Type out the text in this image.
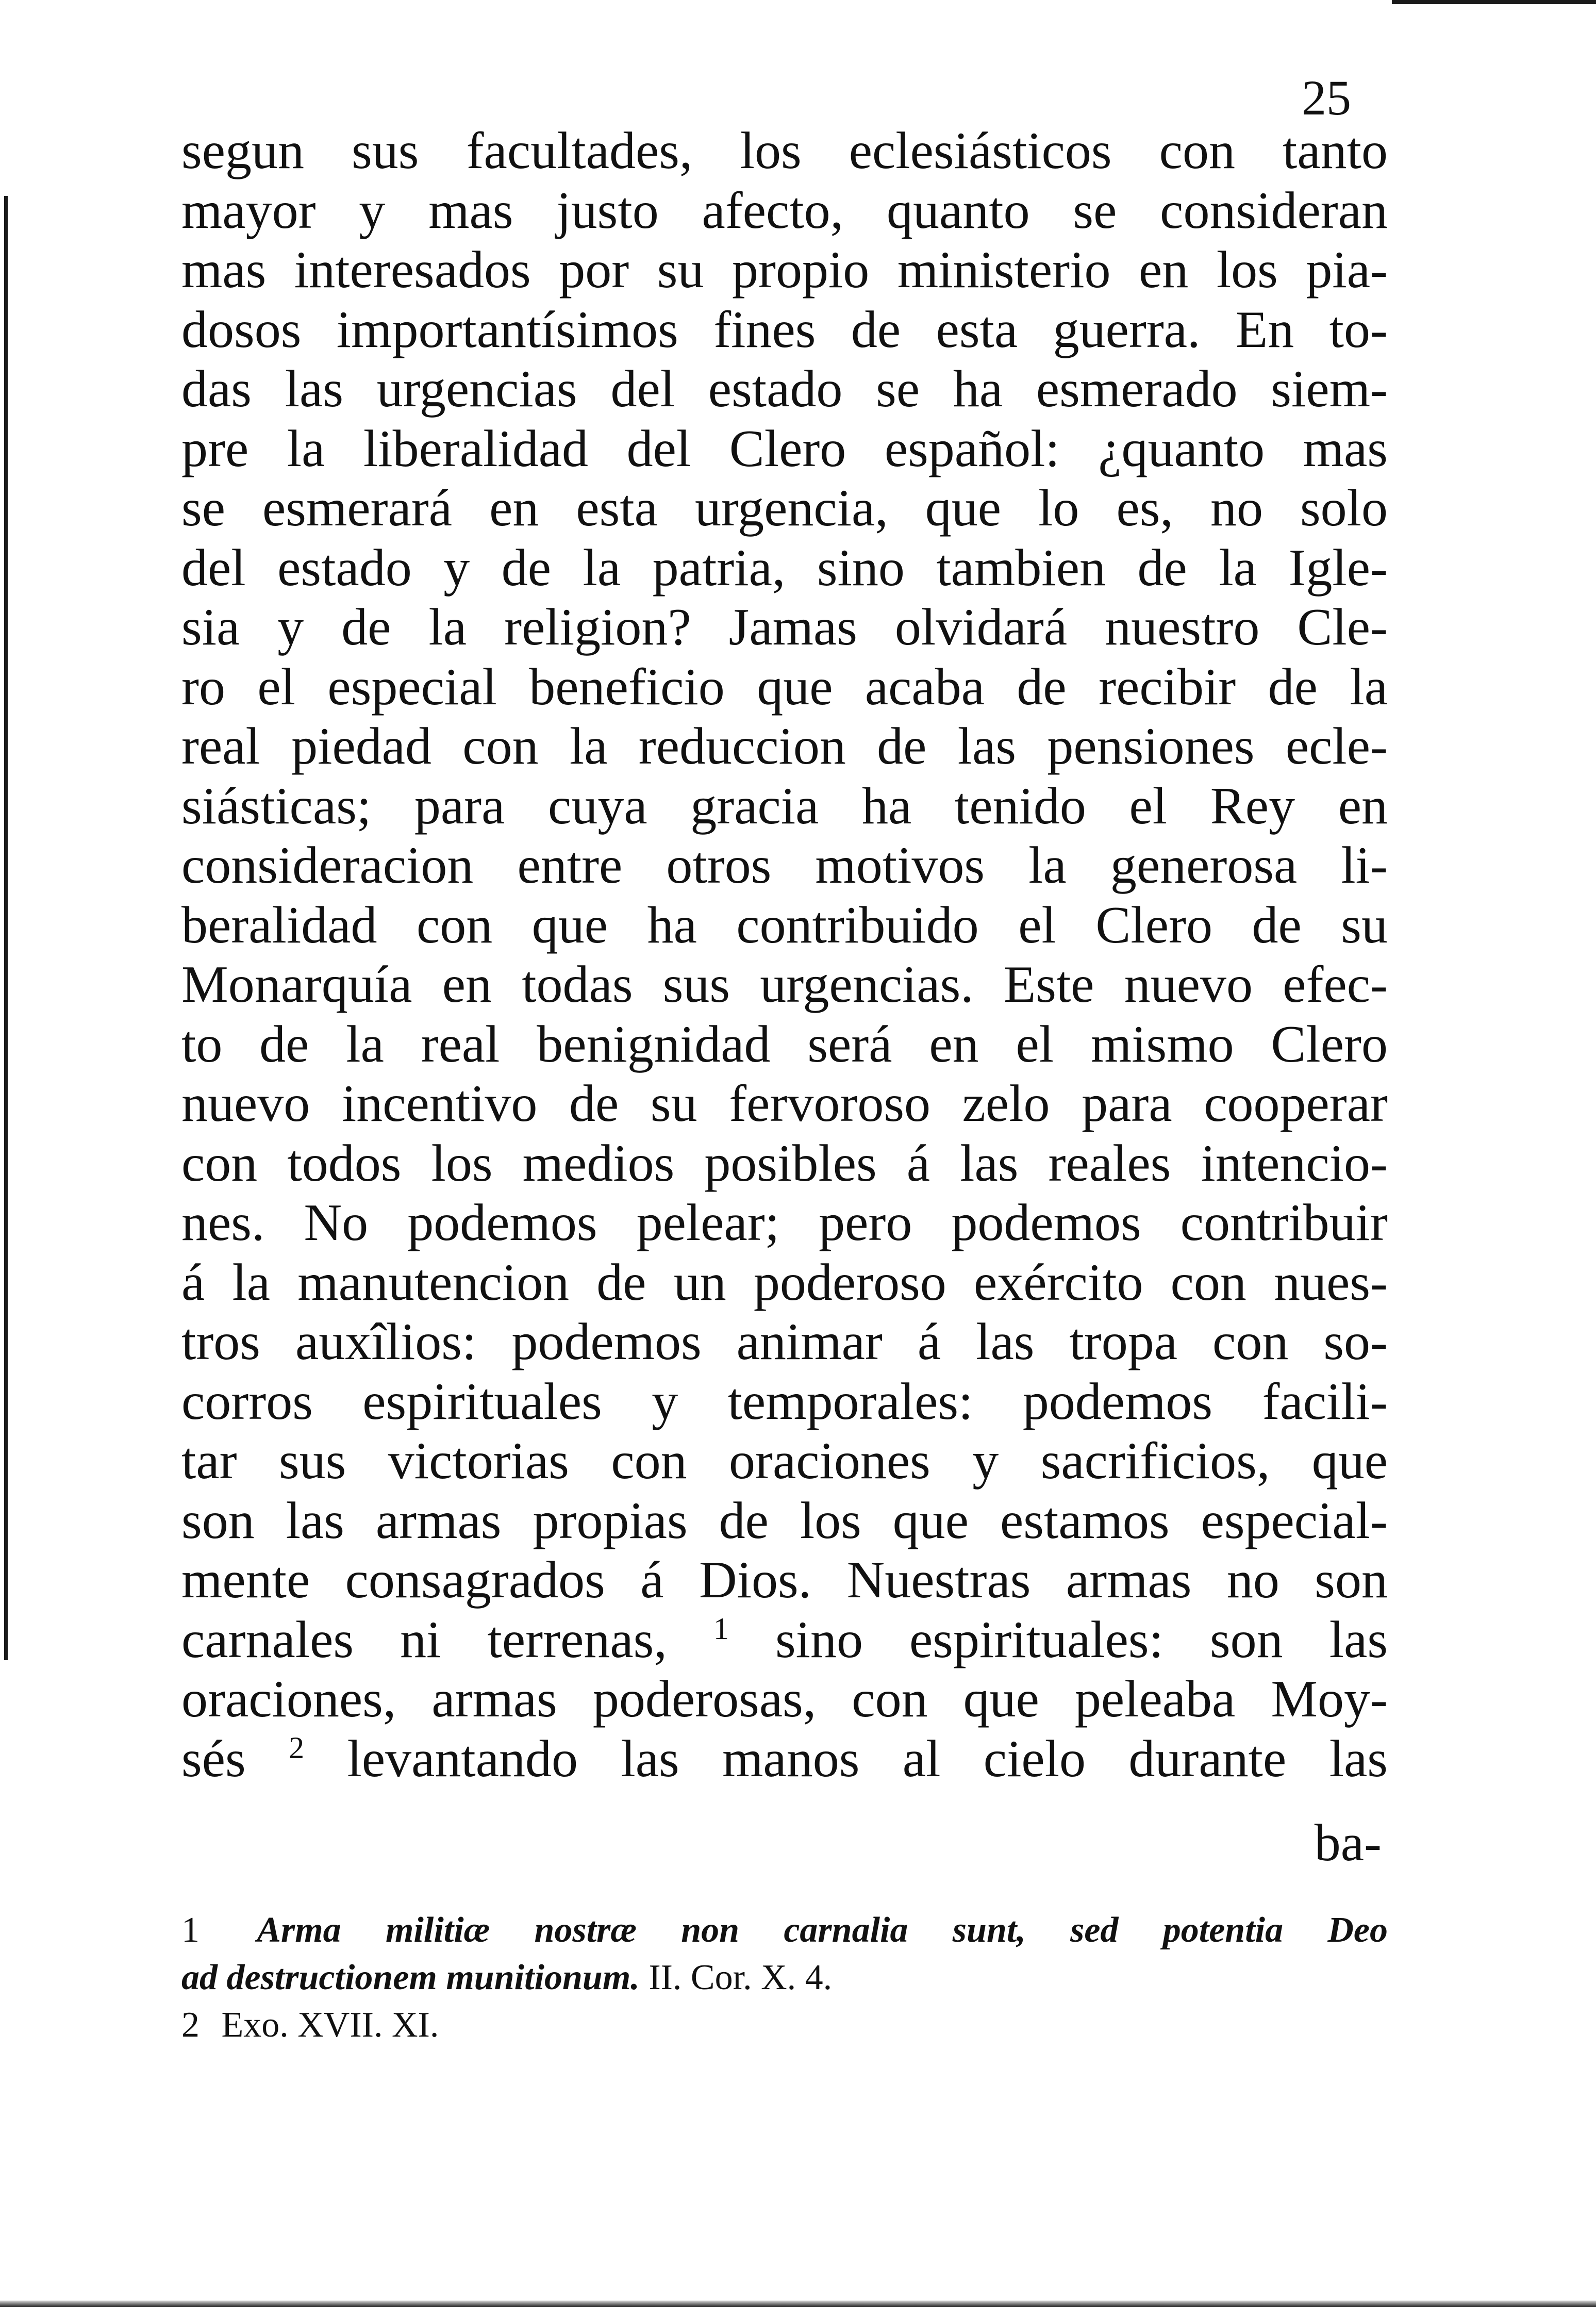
25
segun sus facultades, los eclesiásticos con tanto
mayor y mas justo afecto, quanto se consideran
mas interesados por su propio ministerio en los pia-
dosos importantísimos fines de esta guerra. En to-
das las urgencias del estado se ha esmerado siem-
pre la liberalidad del Clero español: ¿quanto mas
se esmerará en esta urgencia, que lo es, no solo
del estado y de la patria, sino tambien de la Igle-
sia y de la religion? Jamas olvidará nuestro Cle-
ro el especial beneficio que acaba de recibir de la
real piedad con la reduccion de las pensiones ecle-
siásticas; para cuya gracia ha tenido el Rey en
consideracion entre otros motivos la generosa li-
beralidad con que ha contribuido el Clero de su
Monarquía en todas sus urgencias. Este nuevo efec-
to de la real benignidad será en el mismo Clero
nuevo incentivo de su fervoroso zelo para cooperar
con todos los medios posibles á las reales intencio-
nes. No podemos pelear; pero podemos contribuir
á la manutencion de un poderoso exército con nues-
tros auxîlios: podemos animar á las tropa con so-
corros espirituales y temporales: podemos facili-
tar sus victorias con oraciones y sacrificios, que
son las armas propias de los que estamos especial-
mente consagrados á Dios. Nuestras armas no son
carnales ni terrenas, $^1$ sino espirituales: son las
oraciones, armas poderosas, con que peleaba Moy-
sés $^2$ levantando las manos al cielo durante las
ba-
1 Arma militiæ nostræ non carnalia sunt, sed potentia Deo
ad destructionem munitionum. II. Cor. X. 4.
2 Exo. XVII. XI.
